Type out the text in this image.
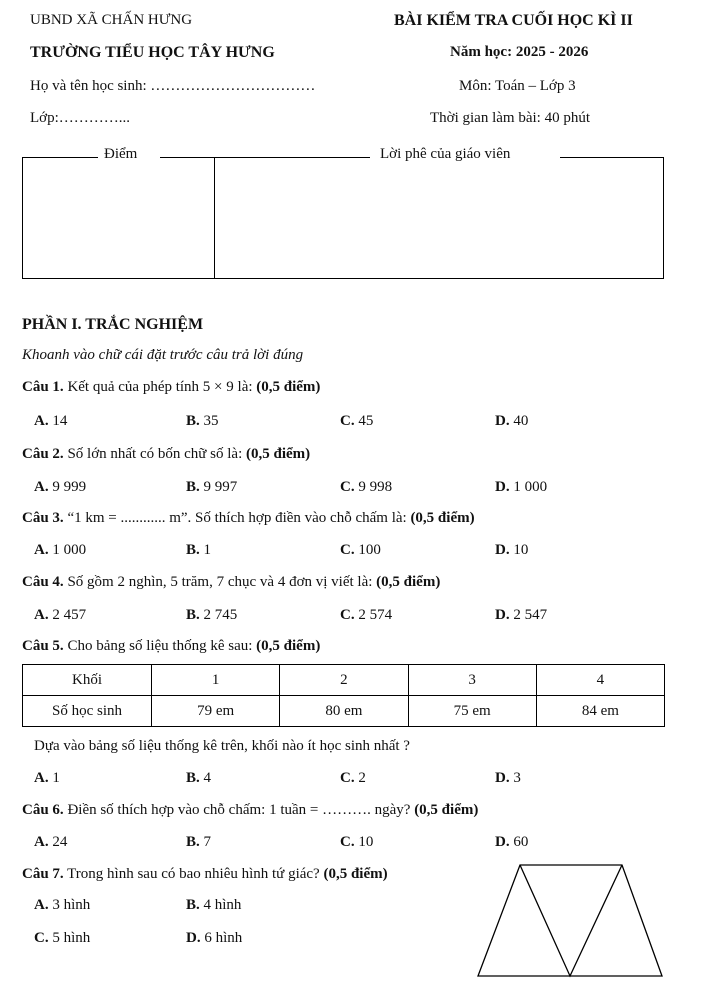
UBND XÃ CHẤN HƯNG
TRƯỜNG TIỂU HỌC TÂY HƯNG
BÀI KIỂM TRA CUỐI HỌC KÌ II
Năm học: 2025 - 2026
Họ và tên học sinh: ……………………………	Môn: Toán – Lớp 3
Lớp:…………...	Thời gian làm bài: 40 phút
Điểm	Lời phê của giáo viên
PHẦN I. TRẮC NGHIỆM
Khoanh vào chữ cái đặt trước câu trả lời đúng
Câu 1. Kết quả của phép tính 5 × 9 là: (0,5 điểm)
A. 14	B. 35	C. 45	D. 40
Câu 2. Số lớn nhất có bốn chữ số là: (0,5 điểm)
A. 9 999	B. 9 997	C. 9 998	D. 1 000
Câu 3. “1 km = ............ m”. Số thích hợp điền vào chỗ chấm là: (0,5 điểm)
A. 1 000	B. 1	C. 100	D. 10
Câu 4. Số gồm 2 nghìn, 5 trăm, 7 chục và 4 đơn vị viết là: (0,5 điểm)
A. 2 457	B. 2 745	C. 2 574	D. 2 547
Câu 5. Cho bảng số liệu thống kê sau: (0,5 điểm)
Khối	1	2	3	4
Số học sinh	79 em	80 em	75 em	84 em
Dựa vào bảng số liệu thống kê trên, khối nào ít học sinh nhất ?
A. 1	B. 4	C. 2	D. 3
Câu 6. Điền số thích hợp vào chỗ chấm: 1 tuần = ………. ngày? (0,5 điểm)
A. 24	B. 7	C. 10	D. 60
Câu 7. Trong hình sau có bao nhiêu hình tứ giác? (0,5 điểm)
A. 3 hình	B. 4 hình
C. 5 hình	D. 6 hình
